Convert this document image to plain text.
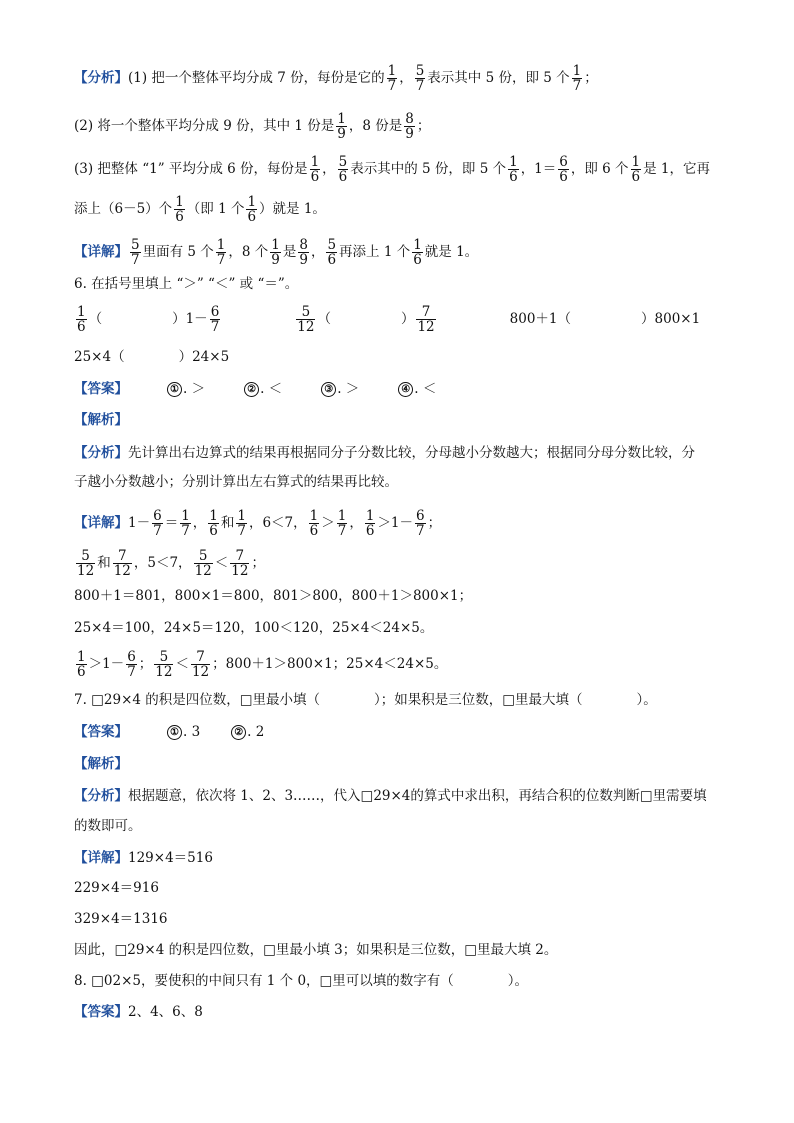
【分析】(1) 把一个整体平均分成 7 份，每份是它的 $\frac{1}{7}$ ， $\frac{5}{7}$ 表示其中 5 份，即 5 个 $\frac{1}{7}$ ；
(2) 将一个整体平均分成 9 份，其中 1 份是 $\frac{1}{9}$ ，8 份是 $\frac{8}{9}$ ；
(3) 把整体 “1” 平均分成 6 份，每份是 $\frac{1}{6}$ ， $\frac{5}{6}$ 表示其中的 5 份，即 5 个 $\frac{1}{6}$ ，$1= \frac{6}{6}$ ，即 6 个 $\frac{1}{6}$ 是 1，它再
添上（6－5）个 $\frac{1}{6}$ （即 1 个 $\frac{1}{6}$ ）就是 1。
【详解】 $\frac{5}{7}$ 里面有 5 个 $\frac{1}{7}$ ，8 个 $\frac{1}{9}$ 是 $\frac{8}{9}$ ， $\frac{5}{6}$ 再添上 1 个 $\frac{1}{6}$ 就是 1。
6. 在括号里填上 “＞” “＜” 或 “＝”。
$\frac{1}{6}$ （	）$1- \frac{6}{7}$	$\frac{5}{12}$ （	） $\frac{7}{12}$	800＋1（	）800×1
25×4（　　　　）24×5
【答案】	① . ＞	② . ＜	③ . ＞	④ . ＜
【解析】
【分析】先计算出右边算式的结果再根据同分子分数比较，分母越小分数越大；根据同分母分数比较，分
子越小分数越小；分别计算出左右算式的结果再比较。
【详解】$1- \frac{6}{7} = \frac{1}{7}$ ， $\frac{1}{6}$ 和 $\frac{1}{7}$ ，6＜7， $\frac{1}{6} > \frac{1}{7}$ ， $\frac{1}{6} >1- \frac{6}{7}$ ；
$\frac{5}{12}$ 和 $\frac{7}{12}$ ，5＜7， $\frac{5}{12} < \frac{7}{12}$ ；
800＋1＝801，800×1＝800，801＞800，800＋1＞800×1；
25×4＝100，24×5＝120，100＜120，25×4＜24×5。
$\frac{1}{6} >1- \frac{6}{7}$ ； $\frac{5}{12} < \frac{7}{12}$ ；800＋1＞800×1；25×4＜24×5。
7. □29×4 的积是四位数，□里最小填（　　　　）；如果积是三位数，□里最大填（　　　　）。
【答案】	① . 3	② . 2
【解析】
【分析】根据题意，依次将 1、2、3……，代入□29×4的算式中求出积，再结合积的位数判断□里需要填
的数即可。
【详解】129×4＝516
229×4＝916
329×4＝1316
因此，□29×4 的积是四位数，□里最小填 3；如果积是三位数，□里最大填 2。
8. □02×5，要使积的中间只有 1 个 0，□里可以填的数字有（　　　　）。
【答案】2、4、6、8
